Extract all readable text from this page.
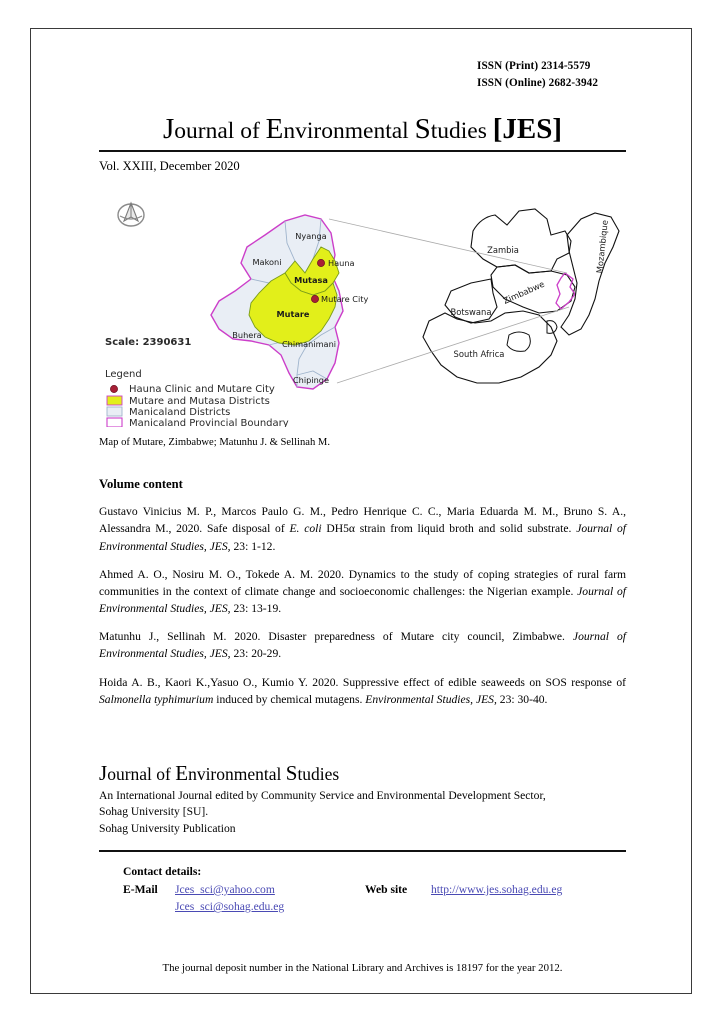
ISSN (Print) 2314-5579
ISSN (Online) 2682-3942
Journal of Environmental Studies [JES]
Vol. XXIII, December 2020
Zambia
Zimbabwe
Botswana
South Africa
Mozambique
Nyanga
Makoni	Hauna
Mutasa
Mutare City
Mutare
Buhera
Chimanimani
Chipinge
Scale: 2390631
Legend
Hauna Clinic and Mutare City
Mutare and Mutasa Districts
Manicaland Districts
Manicaland Provincial Boundary
Map of Mutare, Zimbabwe; Matunhu J. & Sellinah M.
Volume content
Gustavo Vinicius M. P., Marcos Paulo G. M., Pedro Henrique C. C., Maria Eduarda M. M., Bruno S. A., Alessandra M., 2020. Safe disposal of E. coli DH5α strain from liquid broth and solid substrate. Journal of Environmental Studies, JES, 23: 1-12.
Ahmed A. O., Nosiru M. O., Tokede A. M. 2020. Dynamics to the study of coping strategies of rural farm communities in the context of climate change and socioeconomic challenges: the Nigerian example. Journal of Environmental Studies, JES, 23: 13-19.
Matunhu J., Sellinah M. 2020. Disaster preparedness of Mutare city council, Zimbabwe. Journal of Environmental Studies, JES, 23: 20-29.
Hoida A. B., Kaori K.,Yasuo O., Kumio Y. 2020. Suppressive effect of edible seaweeds on SOS response of Salmonella typhimurium induced by chemical mutagens. Environmental Studies, JES, 23: 30-40.
Journal of Environmental Studies
An International Journal edited by Community Service and Environmental Development Sector,
Sohag University [SU].
Sohag University Publication
Contact details:
E-Mail	Jces_sci@yahoo.com	Web site	http://www.jes.sohag.edu.eg
Jces_sci@sohag.edu.eg
The journal deposit number in the National Library and Archives is 18197 for the year 2012.
